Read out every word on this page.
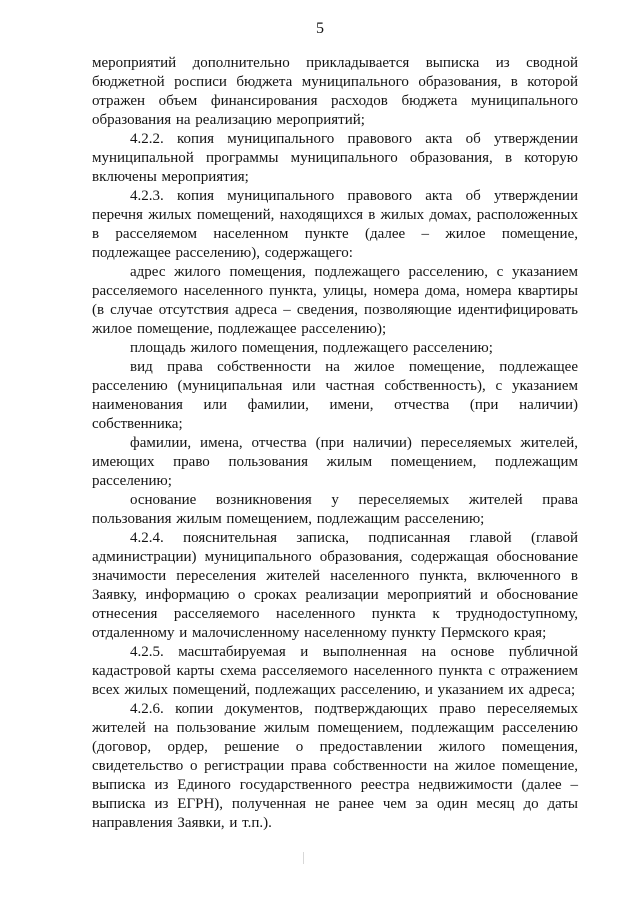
5

мероприятий дополнительно прикладывается выписка из сводной бюджетной росписи бюджета муниципального образования, в которой отражен объем финансирования расходов бюджета муниципального образования на реализацию мероприятий;

4.2.2. копия муниципального правового акта об утверждении муниципальной программы муниципального образования, в которую включены мероприятия;

4.2.3. копия муниципального правового акта об утверждении перечня жилых помещений, находящихся в жилых домах, расположенных в расселяемом населенном пункте (далее – жилое помещение, подлежащее расселению), содержащего:

адрес жилого помещения, подлежащего расселению, с указанием расселяемого населенного пункта, улицы, номера дома, номера квартиры (в случае отсутствия адреса – сведения, позволяющие идентифицировать жилое помещение, подлежащее расселению);

площадь жилого помещения, подлежащего расселению;

вид права собственности на жилое помещение, подлежащее расселению (муниципальная или частная собственность), с указанием наименования или фамилии, имени, отчества (при наличии) собственника;

фамилии, имена, отчества (при наличии) переселяемых жителей, имеющих право пользования жилым помещением, подлежащим расселению;

основание возникновения у переселяемых жителей права пользования жилым помещением, подлежащим расселению;

4.2.4. пояснительная записка, подписанная главой (главой администрации) муниципального образования, содержащая обоснование значимости переселения жителей населенного пункта, включенного в Заявку, информацию о сроках реализации мероприятий и обоснование отнесения расселяемого населенного пункта к труднодоступному, отдаленному и малочисленному населенному пункту Пермского края;

4.2.5. масштабируемая и выполненная на основе публичной кадастровой карты схема расселяемого населенного пункта с отражением всех жилых помещений, подлежащих расселению, и указанием их адреса;

4.2.6. копии документов, подтверждающих право переселяемых жителей на пользование жилым помещением, подлежащим расселению (договор, ордер, решение о предоставлении жилого помещения, свидетельство о регистрации права собственности на жилое помещение, выписка из Единого государственного реестра недвижимости (далее – выписка из ЕГРН), полученная не ранее чем за один месяц до даты направления Заявки, и т.п.).
